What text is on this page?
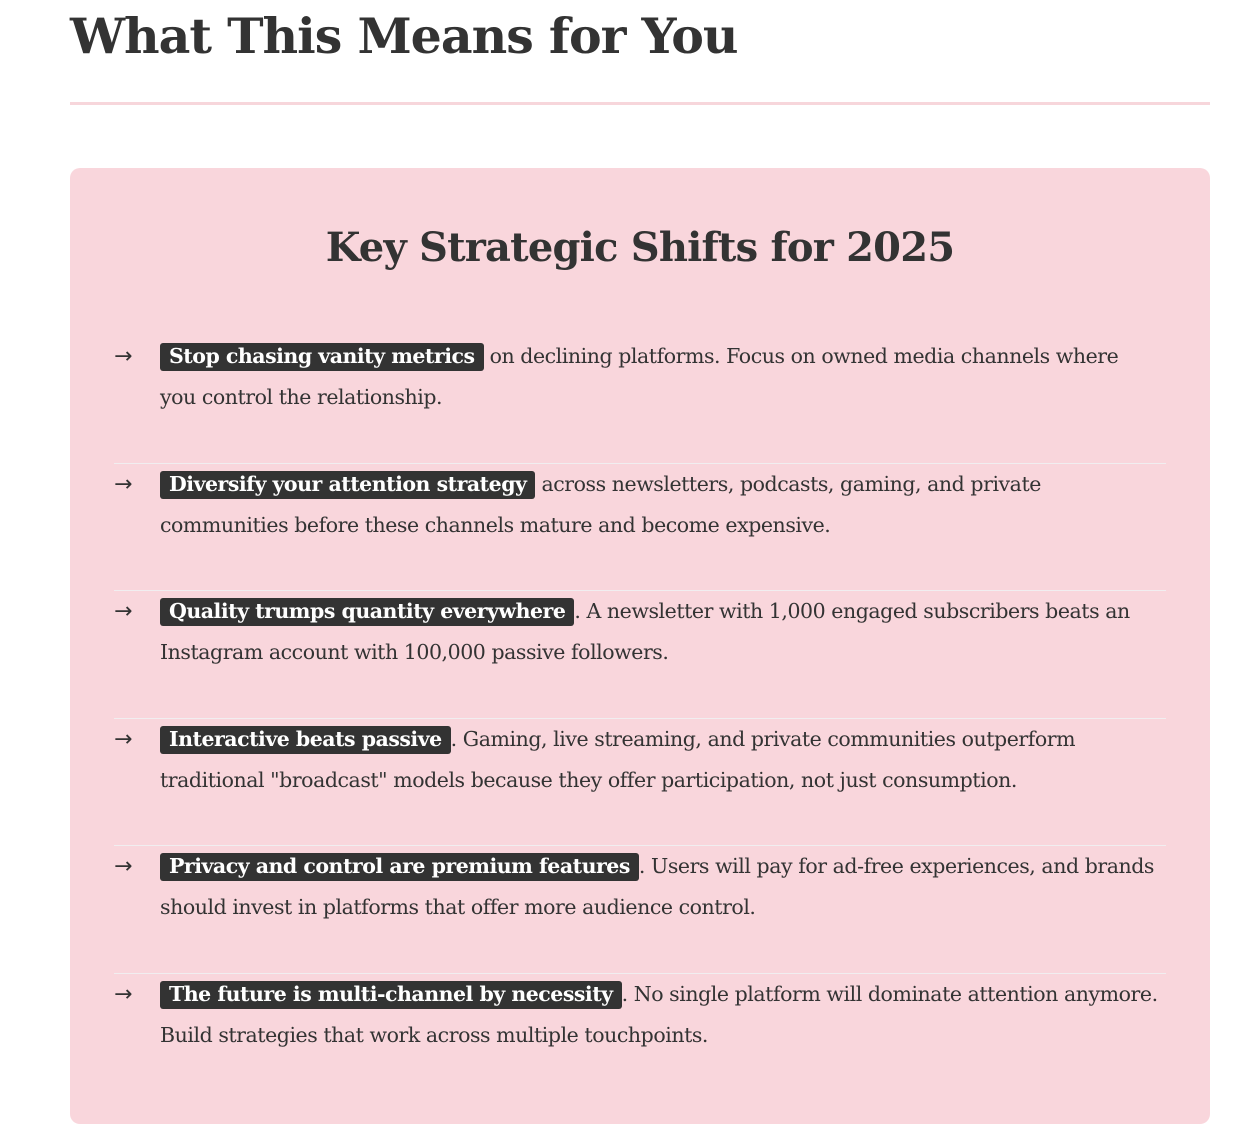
What This Means for You
Key Strategic Shifts for 2025
→	Stop chasing vanity metrics on declining platforms. Focus on owned media channels where you control the relationship.

→	Diversify your attention strategy across newsletters, podcasts, gaming, and private communities before these channels mature and become expensive.

→	Quality trumps quantity everywhere . A newsletter with 1,000 engaged subscribers beats an Instagram account with 100,000 passive followers.

→	Interactive beats passive . Gaming, live streaming, and private communities outperform traditional "broadcast" models because they offer participation, not just consumption.

→	Privacy and control are premium features . Users will pay for ad-free experiences, and brands should invest in platforms that offer more audience control.

→	The future is multi-channel by necessity . No single platform will dominate attention anymore. Build strategies that work across multiple touchpoints.
